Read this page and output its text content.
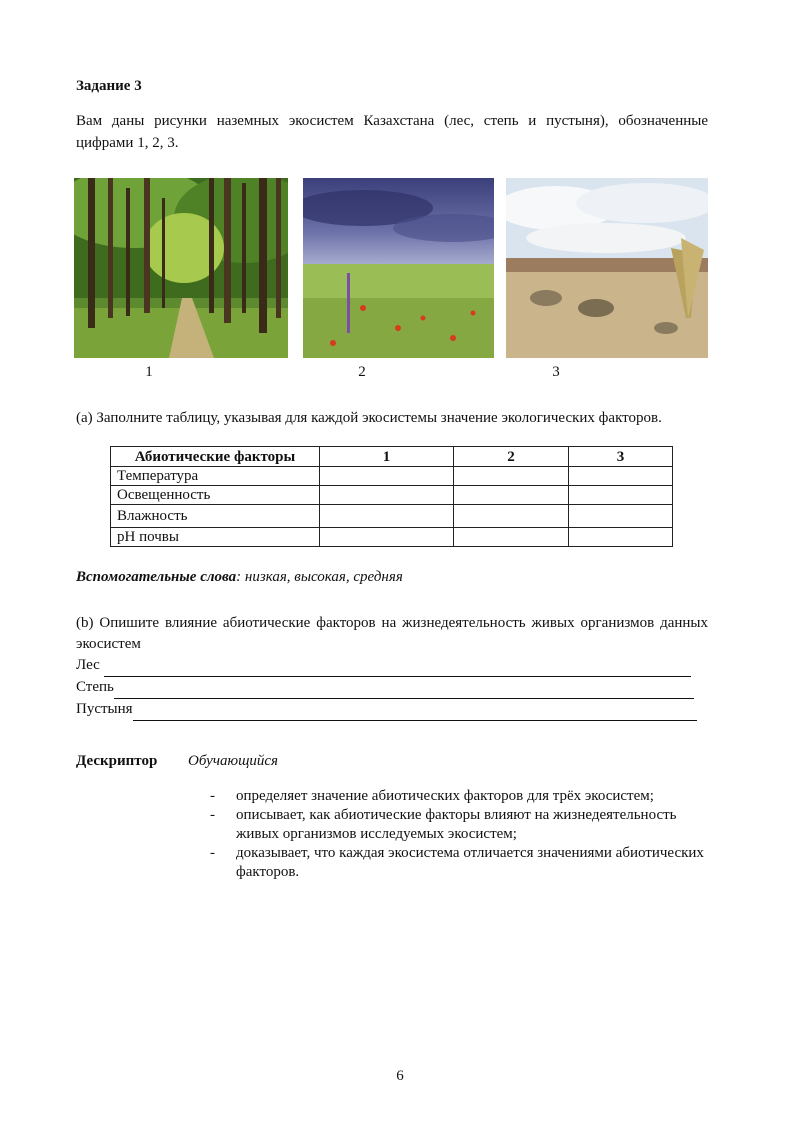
Задание 3

Вам даны рисунки наземных экосистем Казахстана (лес, степь и пустыня), обозначенные цифрами 1, 2, 3.

1	2	3

(a) Заполните таблицу, указывая для каждой экосистемы значение экологических факторов.

Абиотические факторы	1	2	3
Температура			
Освещенность			
Влажность			
pH почвы			
Вспомогательные слова: низкая, высокая, средняя

(b) Опишите влияние абиотические факторов на жизнедеятельность живых организмов данных экосистем

Лес
Степь
Пустыня
Дескриптор	Обучающийся
- определяет значение абиотических факторов для трёх экосистем;
- описывает, как абиотические факторы влияют на жизнедеятельность живых организмов исследуемых экосистем;
- доказывает, что каждая экосистема отличается значениями абиотических факторов.
6
